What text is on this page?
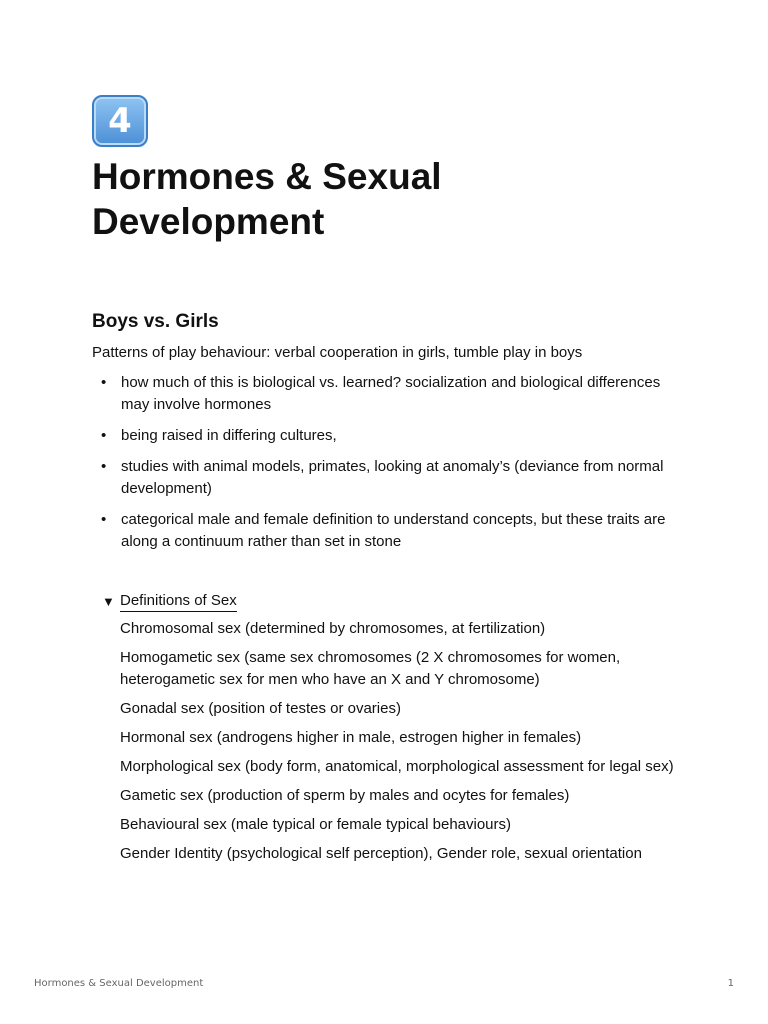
4
Hormones & Sexual Development
Boys vs. Girls

Patterns of play behaviour: verbal cooperation in girls, tumble play in boys

• how much of this is biological vs. learned? socialization and biological differences may involve hormones
• being raised in differing cultures,
• studies with animal models, primates, looking at anomaly’s (deviance from normal development)
• categorical male and female definition to understand concepts, but these traits are along a continuum rather than set in stone
▼ Definitions of Sex
Chromosomal sex (determined by chromosomes, at fertilization)
Homogametic sex (same sex chromosomes (2 X chromosomes for women, heterogametic sex for men who have an X and Y chromosome)
Gonadal sex (position of testes or ovaries)
Hormonal sex (androgens higher in male, estrogen higher in females)
Morphological sex (body form, anatomical, morphological assessment for legal sex)
Gametic sex (production of sperm by males and ocytes for females)
Behavioural sex (male typical or female typical behaviours)
Gender Identity (psychological self perception), Gender role, sexual orientation
Hormones & Sexual Development	1
